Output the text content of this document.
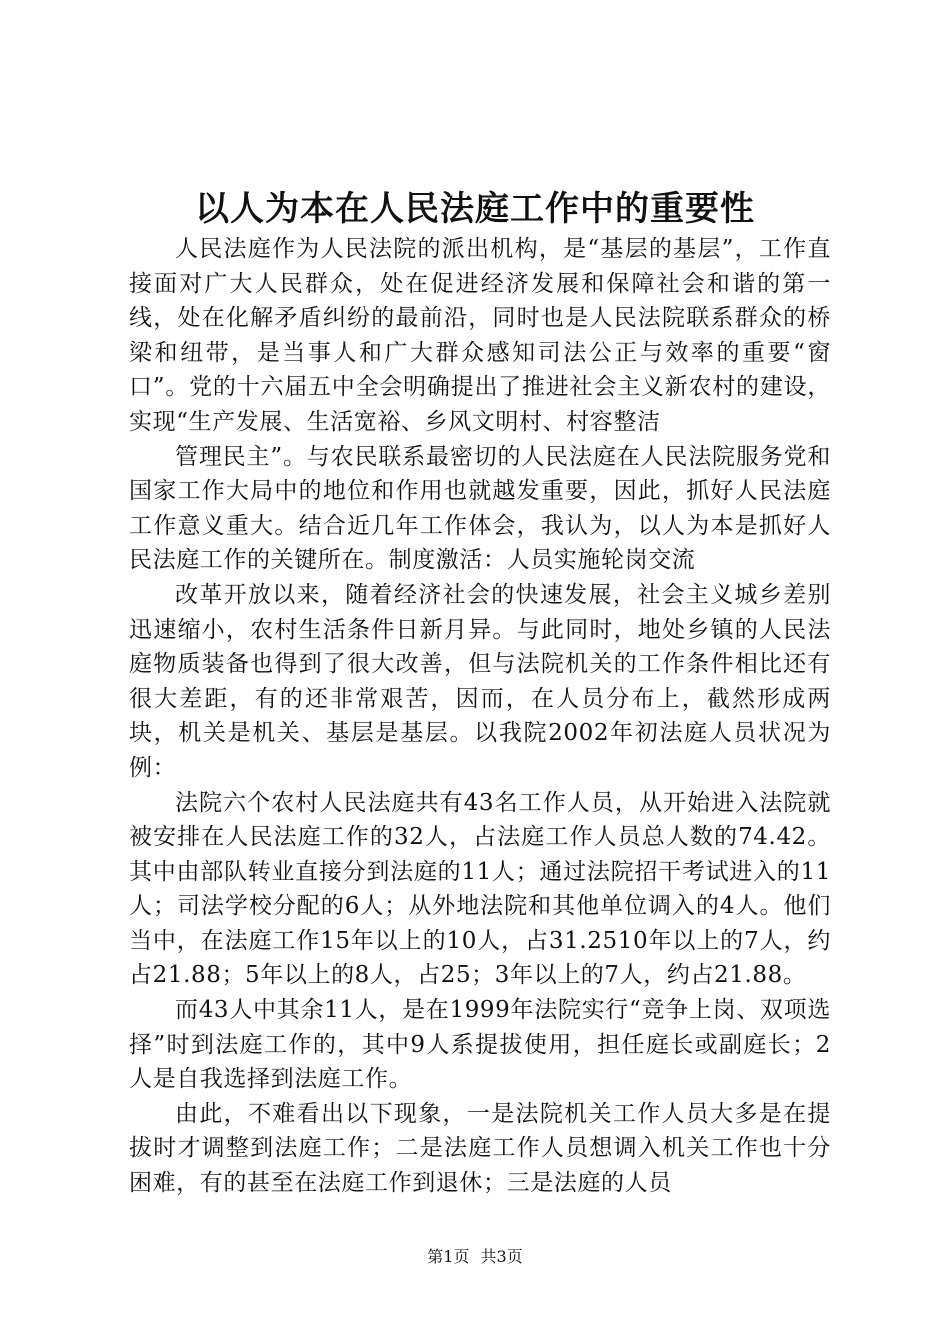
以人为本在人民法庭工作中的重要性

人民法庭作为人民法院的派出机构，是“基层的基层”，工作直接面对广大人民群众，处在促进经济发展和保障社会和谐的第一线，处在化解矛盾纠纷的最前沿，同时也是人民法院联系群众的桥梁和纽带，是当事人和广大群众感知司法公正与效率的重要“窗口”。党的十六届五中全会明确提出了推进社会主义新农村的建设，实现“生产发展、生活宽裕、乡风文明村、村容整洁

管理民主”。与农民联系最密切的人民法庭在人民法院服务党和国家工作大局中的地位和作用也就越发重要，因此，抓好人民法庭工作意义重大。结合近几年工作体会，我认为，以人为本是抓好人民法庭工作的关键所在。制度激活：人员实施轮岗交流

改革开放以来，随着经济社会的快速发展，社会主义城乡差别迅速缩小，农村生活条件日新月异。与此同时，地处乡镇的人民法庭物质装备也得到了很大改善，但与法院机关的工作条件相比还有很大差距，有的还非常艰苦，因而，在人员分布上，截然形成两块，机关是机关、基层是基层。以我院2002年初法庭人员状况为例：

法院六个农村人民法庭共有43名工作人员，从开始进入法院就被安排在人民法庭工作的32人，占法庭工作人员总人数的74.42。其中由部队转业直接分到法庭的11人；通过法院招干考试进入的11人；司法学校分配的6人；从外地法院和其他单位调入的4人。他们当中，在法庭工作15年以上的10人，占31.2510年以上的7人，约占21.88；5年以上的8人，占25；3年以上的7人，约占21.88。

而43人中其余11人，是在1999年法院实行“竞争上岗、双项选择”时到法庭工作的，其中9人系提拔使用，担任庭长或副庭长；2人是自我选择到法庭工作。

由此，不难看出以下现象，一是法院机关工作人员大多是在提拔时才调整到法庭工作；二是法庭工作人员想调入机关工作也十分困难，有的甚至在法庭工作到退休；三是法庭的人员

第1页 共3页
